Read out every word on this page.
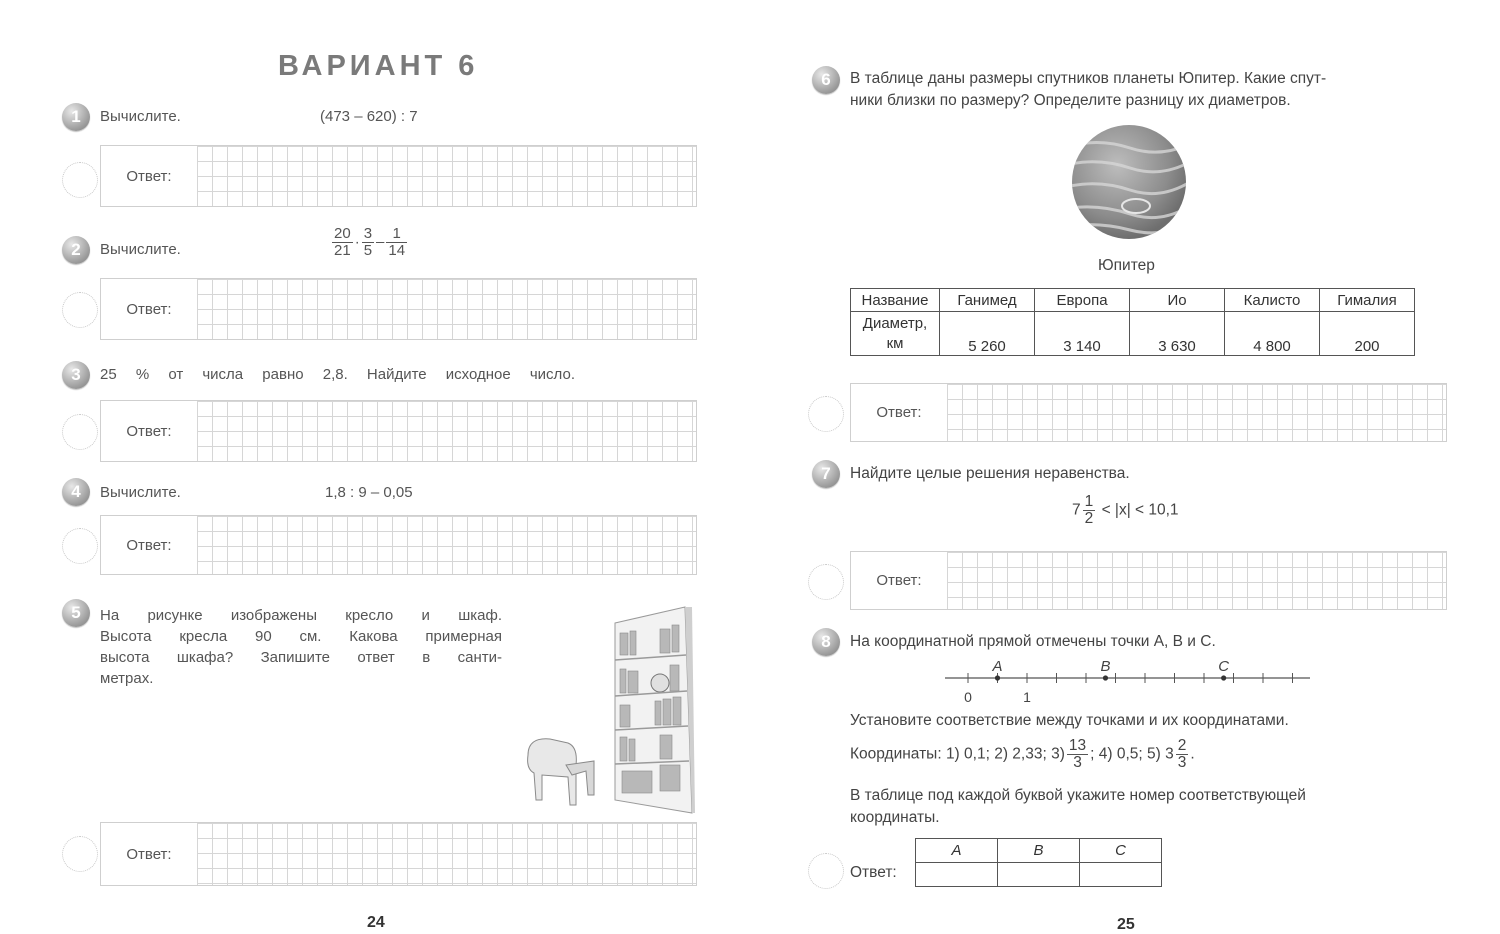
ВАРИАНТ 6
1	Вычислите.	(473 – 620) : 7
Ответ:
2	Вычислите.	$\frac{20}{21} \cdot \frac{3}{5} - \frac{1}{14}$
Ответ:
3	25 % от числа равно 2,8. Найдите исходное число.
Ответ:
4	Вычислите.	1,8 : 9 – 0,05
Ответ:
5	На рисунке изображены кресло и шкаф.
Высота кресла 90 см. Какова примерная
высота шкафа? Запишите ответ в санти-
метрах.
Ответ:
24
6	В таблице даны размеры спутников планеты Юпитер. Какие спут-
ники близки по размеру? Определите разницу их диаметров.
Юпитер
Название	Ганимед	Европа	Ио	Калисто	Гималия
Диаметр, км	5 260	3 140	3 630	4 800	200
Ответ:
7	Найдите целые решения неравенства.
$7 \frac{1}{2} < |x| < 10,1$
Ответ:
8	На координатной прямой отмечены точки A, B и C.
0	1
A	B	C
Установите соответствие между точками и их координатами.
Координаты: 1) 0,1; 2) 2,33; $3) \frac{13}{3}$ ; 4) 0,5; 5) $3 \frac{2}{3}$ .
В таблице под каждой буквой укажите номер соответствующей
координаты.
Ответ:
A	B	C

25
